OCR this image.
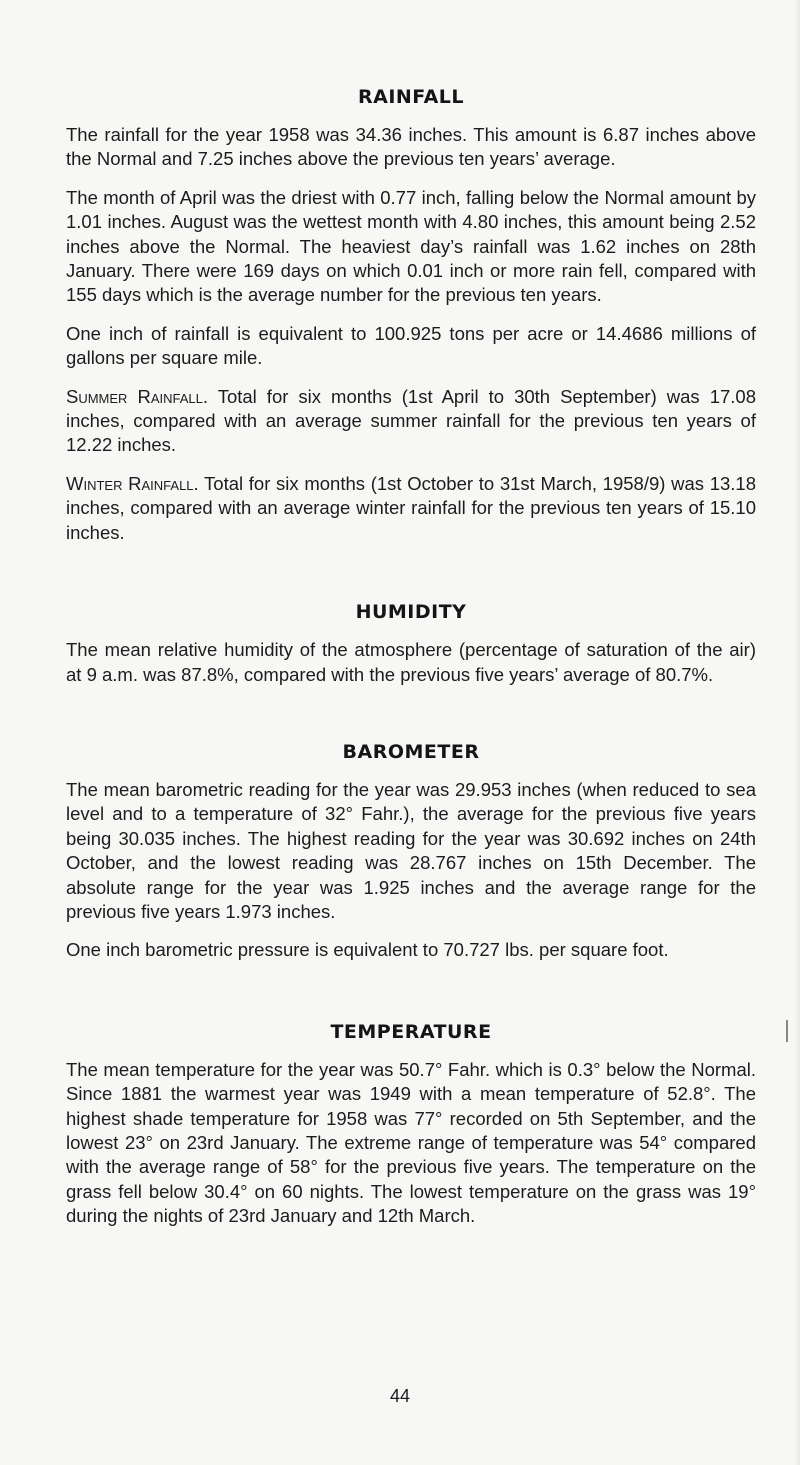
RAINFALL

The rainfall for the year 1958 was 34.36 inches. This amount is 6.87 inches above the Normal and 7.25 inches above the previous ten years’ average.

The month of April was the driest with 0.77 inch, falling below the Normal amount by 1.01 inches. August was the wettest month with 4.80 inches, this amount being 2.52 inches above the Normal. The heaviest day’s rainfall was 1.62 inches on 28th January. There were 169 days on which 0.01 inch or more rain fell, compared with 155 days which is the average number for the previous ten years.

One inch of rainfall is equivalent to 100.925 tons per acre or 14.4686 millions of gallons per square mile.

Summer Rainfall. Total for six months (1st April to 30th September) was 17.08 inches, compared with an average summer rainfall for the previous ten years of 12.22 inches.

Winter Rainfall. Total for six months (1st October to 31st March, 1958/9) was 13.18 inches, compared with an average winter rainfall for the previous ten years of 15.10 inches.

HUMIDITY

The mean relative humidity of the atmosphere (percentage of saturation of the air) at 9 a.m. was 87.8%, compared with the previous five years’ average of 80.7%.

BAROMETER

The mean barometric reading for the year was 29.953 inches (when reduced to sea level and to a temperature of 32° Fahr.), the average for the previous five years being 30.035 inches. The highest reading for the year was 30.692 inches on 24th October, and the lowest reading was 28.767 inches on 15th December. The absolute range for the year was 1.925 inches and the average range for the previous five years 1.973 inches.

One inch barometric pressure is equivalent to 70.727 lbs. per square foot.

TEMPERATURE

The mean temperature for the year was 50.7° Fahr. which is 0.3° below the Normal. Since 1881 the warmest year was 1949 with a mean temperature of 52.8°. The highest shade temperature for 1958 was 77° recorded on 5th September, and the lowest 23° on 23rd January. The extreme range of temperature was 54° compared with the average range of 58° for the previous five years. The temperature on the grass fell below 30.4° on 60 nights. The lowest temperature on the grass was 19° during the nights of 23rd January and 12th March.

44
